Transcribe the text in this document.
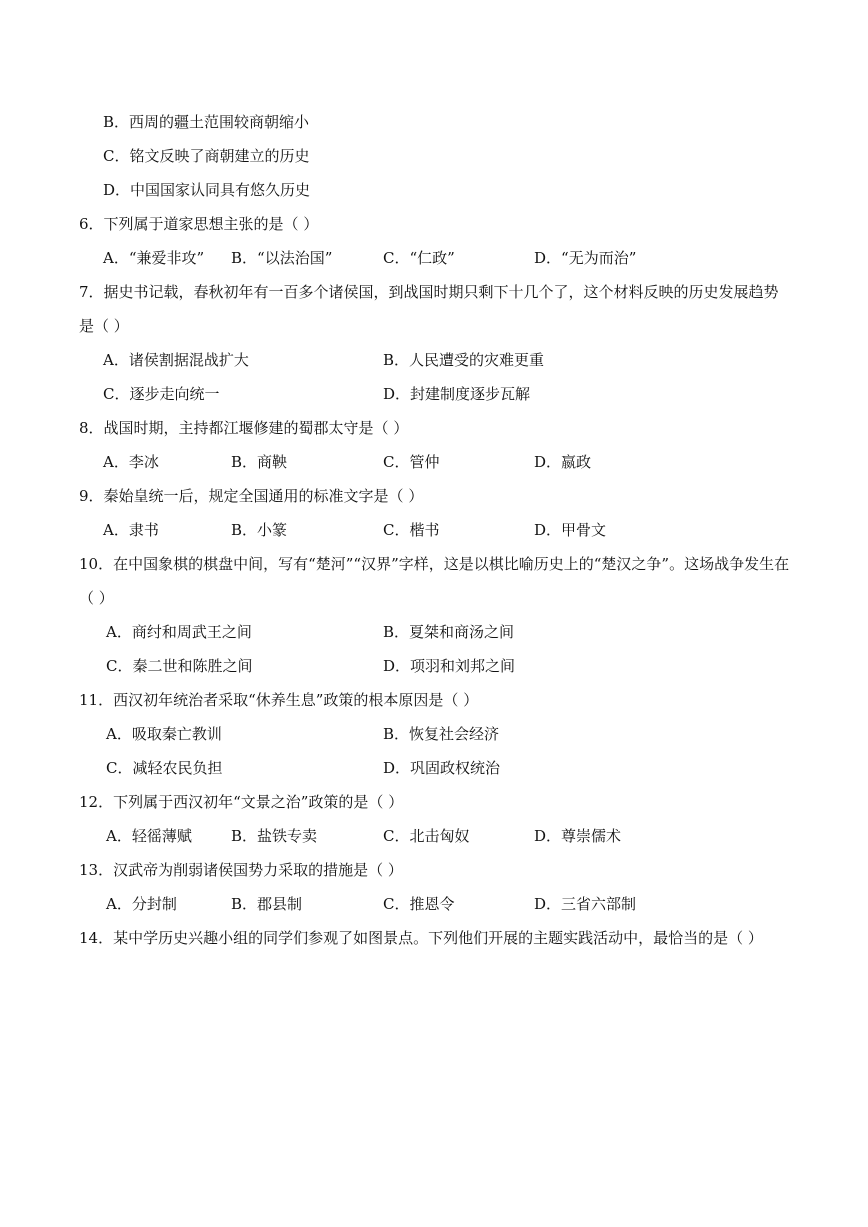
B．西周的疆土范围较商朝缩小
C．铭文反映了商朝建立的历史
D．中国国家认同具有悠久历史
6．下列属于道家思想主张的是（ ）
A．“兼爱非攻” B．“以法治国”	C．“仁政”	D．“无为而治”
7．据史书记载，春秋初年有一百多个诸侯国，到战国时期只剩下十几个了，这个材料反映的历史发展趋势
是（ ）
A．诸侯割据混战扩大	B．人民遭受的灾难更重
C．逐步走向统一	D．封建制度逐步瓦解
8．战国时期，主持都江堰修建的蜀郡太守是（ ）
A．李冰	B．商鞅	C．管仲	D．嬴政
9．秦始皇统一后，规定全国通用的标准文字是（ ）
A．隶书	B．小篆	C．楷书	D．甲骨文
10．在中国象棋的棋盘中间，写有“楚河”“汉界”字样，这是以棋比喻历史上的“楚汉之争”。这场战争发生在
（ ）
A．商纣和周武王之间	B．夏桀和商汤之间
C．秦二世和陈胜之间	D．项羽和刘邦之间
11．西汉初年统治者采取“休养生息”政策的根本原因是（ ）
A．吸取秦亡教训	B．恢复社会经济
C．减轻农民负担	D．巩固政权统治
12．下列属于西汉初年“文景之治”政策的是（ ）
A．轻徭薄赋	B．盐铁专卖	C．北击匈奴	D．尊崇儒术
13．汉武帝为削弱诸侯国势力采取的措施是（ ）
A．分封制	B．郡县制	C．推恩令	D．三省六部制
14．某中学历史兴趣小组的同学们参观了如图景点。下列他们开展的主题实践活动中，最恰当的是（ ）
